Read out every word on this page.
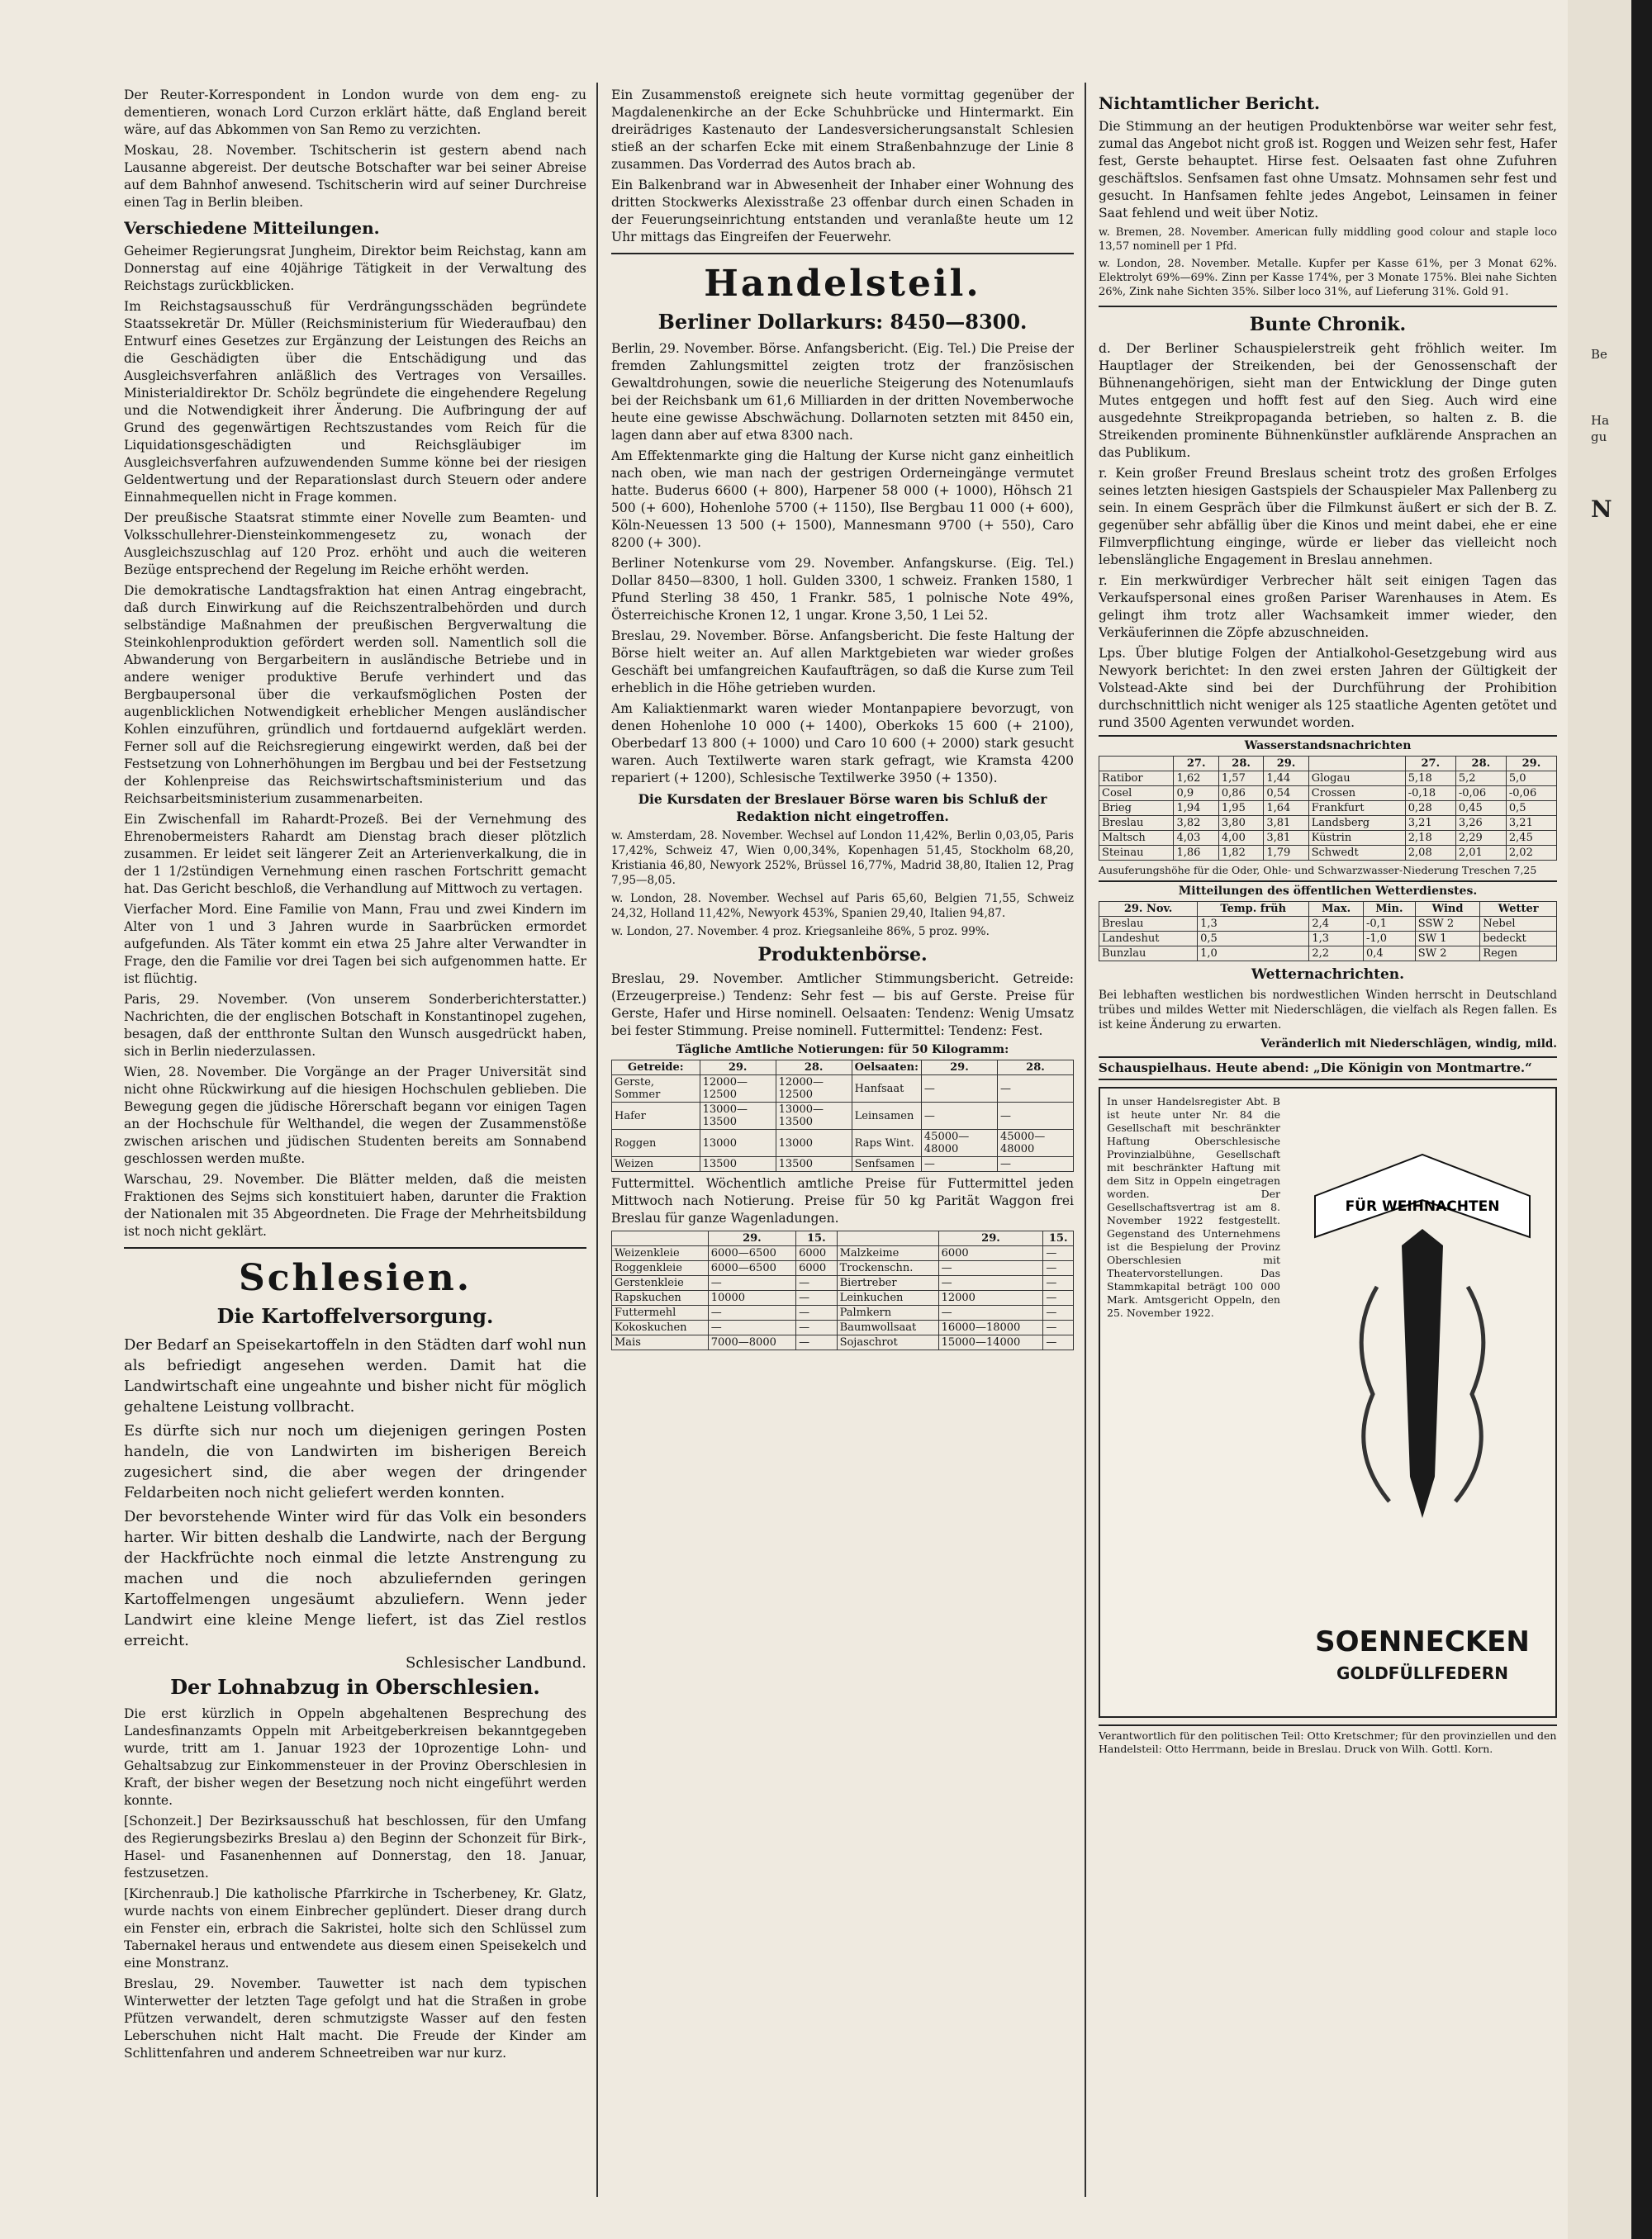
Be
Ha
gu
N

Der Reuter-Korrespondent in London wurde von dem eng- zu dementieren, wonach Lord Curzon erklärt hätte, daß England bereit wäre, auf das Abkommen von San Remo zu verzichten.

Moskau, 28. November. Tschitscherin ist gestern abend nach Lausanne abgereist. Der deutsche Botschafter war bei seiner Abreise auf dem Bahnhof anwesend. Tschitscherin wird auf seiner Durchreise einen Tag in Berlin bleiben.

Verschiedene Mitteilungen.

Geheimer Regierungsrat Jungheim, Direktor beim Reichstag, kann am Donnerstag auf eine 40jährige Tätigkeit in der Verwaltung des Reichstags zurückblicken.

Im Reichstagsausschuß für Verdrängungsschäden begründete Staatssekretär Dr. Müller (Reichsministerium für Wiederaufbau) den Entwurf eines Gesetzes zur Ergänzung der Leistungen des Reichs an die Geschädigten über die Entschädigung und das Ausgleichsverfahren anläßlich des Vertrages von Versailles. Ministerialdirektor Dr. Schölz begründete die eingehendere Regelung und die Notwendigkeit ihrer Änderung. Die Aufbringung der auf Grund des gegenwärtigen Rechtszustandes vom Reich für die Liquidationsgeschädigten und Reichsgläubiger im Ausgleichsverfahren aufzuwendenden Summe könne bei der riesigen Geldentwertung und der Reparationslast durch Steuern oder andere Einnahmequellen nicht in Frage kommen.

Der preußische Staatsrat stimmte einer Novelle zum Beamten- und Volksschullehrer-Diensteinkommengesetz zu, wonach der Ausgleichszuschlag auf 120 Proz. erhöht und auch die weiteren Bezüge entsprechend der Regelung im Reiche erhöht werden.

Die demokratische Landtagsfraktion hat einen Antrag eingebracht, daß durch Einwirkung auf die Reichszentralbehörden und durch selbständige Maßnahmen der preußischen Bergverwaltung die Steinkohlenproduktion gefördert werden soll. Namentlich soll die Abwanderung von Bergarbeitern in ausländische Betriebe und in andere weniger produktive Berufe verhindert und das Bergbaupersonal über die verkaufsmöglichen Posten der augenblicklichen Notwendigkeit erheblicher Mengen ausländischer Kohlen einzuführen, gründlich und fortdauernd aufgeklärt werden. Ferner soll auf die Reichsregierung eingewirkt werden, daß bei der Festsetzung von Lohnerhöhungen im Bergbau und bei der Festsetzung der Kohlenpreise das Reichswirtschaftsministerium und das Reichsarbeitsministerium zusammenarbeiten.

Ein Zwischenfall im Rahardt-Prozeß. Bei der Vernehmung des Ehrenobermeisters Rahardt am Dienstag brach dieser plötzlich zusammen. Er leidet seit längerer Zeit an Arterienverkalkung, die in der 1 1/2stündigen Vernehmung einen raschen Fortschritt gemacht hat. Das Gericht beschloß, die Verhandlung auf Mittwoch zu vertagen.

Vierfacher Mord. Eine Familie von Mann, Frau und zwei Kindern im Alter von 1 und 3 Jahren wurde in Saarbrücken ermordet aufgefunden. Als Täter kommt ein etwa 25 Jahre alter Verwandter in Frage, den die Familie vor drei Tagen bei sich aufgenommen hatte. Er ist flüchtig.

Paris, 29. November. (Von unserem Sonderberichterstatter.) Nachrichten, die der englischen Botschaft in Konstantinopel zugehen, besagen, daß der entthronte Sultan den Wunsch ausgedrückt haben, sich in Berlin niederzulassen.

Wien, 28. November. Die Vorgänge an der Prager Universität sind nicht ohne Rückwirkung auf die hiesigen Hochschulen geblieben. Die Bewegung gegen die jüdische Hörerschaft begann vor einigen Tagen an der Hochschule für Welthandel, die wegen der Zusammenstöße zwischen arischen und jüdischen Studenten bereits am Sonnabend geschlossen werden mußte.

Warschau, 29. November. Die Blätter melden, daß die meisten Fraktionen des Sejms sich konstituiert haben, darunter die Fraktion der Nationalen mit 35 Abgeordneten. Die Frage der Mehrheitsbildung ist noch nicht geklärt.

Schlesien.
Die Kartoffelversorgung.

Der Bedarf an Speisekartoffeln in den Städten darf wohl nun als befriedigt angesehen werden. Damit hat die Landwirtschaft eine ungeahnte und bisher nicht für möglich gehaltene Leistung vollbracht.

Es dürfte sich nur noch um diejenigen geringen Posten handeln, die von Landwirten im bisherigen Bereich zugesichert sind, die aber wegen der dringender Feldarbeiten noch nicht geliefert werden konnten.

Der bevorstehende Winter wird für das Volk ein besonders harter. Wir bitten deshalb die Landwirte, nach der Bergung der Hackfrüchte noch einmal die letzte Anstrengung zu machen und die noch abzuliefernden geringen Kartoffelmengen ungesäumt abzuliefern. Wenn jeder Landwirt eine kleine Menge liefert, ist das Ziel restlos erreicht.

Schlesischer Landbund.

Der Lohnabzug in Oberschlesien.

Die erst kürzlich in Oppeln abgehaltenen Besprechung des Landesfinanzamts Oppeln mit Arbeitgeberkreisen bekanntgegeben wurde, tritt am 1. Januar 1923 der 10prozentige Lohn- und Gehaltsabzug zur Einkommensteuer in der Provinz Oberschlesien in Kraft, der bisher wegen der Besetzung noch nicht eingeführt werden konnte.

[Schonzeit.] Der Bezirksausschuß hat beschlossen, für den Umfang des Regierungsbezirks Breslau a) den Beginn der Schonzeit für Birk-, Hasel- und Fasanenhennen auf Donnerstag, den 18. Januar, festzusetzen.

[Kirchenraub.] Die katholische Pfarrkirche in Tscherbeney, Kr. Glatz, wurde nachts von einem Einbrecher geplündert. Dieser drang durch ein Fenster ein, erbrach die Sakristei, holte sich den Schlüssel zum Tabernakel heraus und entwendete aus diesem einen Speisekelch und eine Monstranz.

Breslau, 29. November. Tauwetter ist nach dem typischen Winterwetter der letzten Tage gefolgt und hat die Straßen in grobe Pfützen verwandelt, deren schmutzigste Wasser auf den festen Leberschuhen nicht Halt macht. Die Freude der Kinder am Schlittenfahren und anderem Schneetreiben war nur kurz.

Ein Zusammenstoß ereignete sich heute vormittag gegenüber der Magdalenenkirche an der Ecke Schuhbrücke und Hintermarkt. Ein dreirädriges Kastenauto der Landesversicherungsanstalt Schlesien stieß an der scharfen Ecke mit einem Straßenbahnzuge der Linie 8 zusammen. Das Vorderrad des Autos brach ab.

Ein Balkenbrand war in Abwesenheit der Inhaber einer Wohnung des dritten Stockwerks Alexisstraße 23 offenbar durch einen Schaden in der Feuerungseinrichtung entstanden und veranlaßte heute um 12 Uhr mittags das Eingreifen der Feuerwehr.

Handelsteil.
Berliner Dollarkurs: 8450—8300.

Berlin, 29. November. Börse. Anfangsbericht. (Eig. Tel.) Die Preise der fremden Zahlungsmittel zeigten trotz der französischen Gewaltdrohungen, sowie die neuerliche Steigerung des Notenumlaufs bei der Reichsbank um 61,6 Milliarden in der dritten Novemberwoche heute eine gewisse Abschwächung. Dollarnoten setzten mit 8450 ein, lagen dann aber auf etwa 8300 nach.

Am Effektenmarkte ging die Haltung der Kurse nicht ganz einheitlich nach oben, wie man nach der gestrigen Orderneingänge vermutet hatte. Buderus 6600 (+ 800), Harpener 58 000 (+ 1000), Höhsch 21 500 (+ 600), Hohenlohe 5700 (+ 1150), Ilse Bergbau 11 000 (+ 600), Köln-Neuessen 13 500 (+ 1500), Mannesmann 9700 (+ 550), Caro 8200 (+ 300).

Berliner Notenkurse vom 29. November. Anfangskurse. (Eig. Tel.) Dollar 8450—8300, 1 holl. Gulden 3300, 1 schweiz. Franken 1580, 1 Pfund Sterling 38 450, 1 Frankr. 585, 1 polnische Note 49%, Österreichische Kronen 12, 1 ungar. Krone 3,50, 1 Lei 52.

Breslau, 29. November. Börse. Anfangsbericht. Die feste Haltung der Börse hielt weiter an. Auf allen Marktgebieten war wieder großes Geschäft bei umfangreichen Kaufaufträgen, so daß die Kurse zum Teil erheblich in die Höhe getrieben wurden.

Am Kaliaktienmarkt waren wieder Montanpapiere bevorzugt, von denen Hohenlohe 10 000 (+ 1400), Oberkoks 15 600 (+ 2100), Oberbedarf 13 800 (+ 1000) und Caro 10 600 (+ 2000) stark gesucht waren. Auch Textilwerte waren stark gefragt, wie Kramsta 4200 repariert (+ 1200), Schlesische Textilwerke 3950 (+ 1350).

Die Kursdaten der Breslauer Börse waren bis Schluß der Redaktion nicht eingetroffen.

w. Amsterdam, 28. November. Wechsel auf London 11,42%, Berlin 0,03,05, Paris 17,42%, Schweiz 47, Wien 0,00,34%, Kopenhagen 51,45, Stockholm 68,20, Kristiania 46,80, Newyork 252%, Brüssel 16,77%, Madrid 38,80, Italien 12, Prag 7,95—8,05.

w. London, 28. November. Wechsel auf Paris 65,60, Belgien 71,55, Schweiz 24,32, Holland 11,42%, Newyork 453%, Spanien 29,40, Italien 94,87.

w. London, 27. November. 4 proz. Kriegsanleihe 86%, 5 proz. 99%.

Produktenbörse.

Breslau, 29. November. Amtlicher Stimmungsbericht. Getreide: (Erzeugerpreise.) Tendenz: Sehr fest — bis auf Gerste. Preise für Gerste, Hafer und Hirse nominell. Oelsaaten: Tendenz: Wenig Umsatz bei fester Stimmung. Preise nominell. Futtermittel: Tendenz: Fest.

Tägliche Amtliche Notierungen: für 50 Kilogramm:
Getreide:	29.	28.	Oelsaaten:	29.	28.
Gerste, Sommer	12000—12500	12000—12500	Hanfsaat	—	—
Hafer	13000—13500	13000—13500	Leinsamen	—	—
Roggen	13000	13000	Raps Wint.	45000—48000	45000—48000
Weizen	13500	13500	Senfsamen	—	—

Futtermittel. Wöchentlich amtliche Preise für Futtermittel jeden Mittwoch nach Notierung. Preise für 50 kg Parität Waggon frei Breslau für ganze Wagenladungen.

	29.	15.		29.	15.
Weizenkleie	6000—6500	6000	Malzkeime	6000	—
Roggenkleie	6000—6500	6000	Trockenschn.	—	—
Gerstenkleie	—	—	Biertreber	—	—
Rapskuchen	10000	—	Leinkuchen	12000	—
Futtermehl	—	—	Palmkern	—	—
Kokoskuchen	—	—	Baumwollsaat	16000—18000	—
Mais	7000—8000	—	Sojaschrot	15000—14000	—
Nichtamtlicher Bericht.

Die Stimmung an der heutigen Produktenbörse war weiter sehr fest, zumal das Angebot nicht groß ist. Roggen und Weizen sehr fest, Hafer fest, Gerste behauptet. Hirse fest. Oelsaaten fast ohne Zufuhren geschäftslos. Senfsamen fast ohne Umsatz. Mohnsamen sehr fest und gesucht. In Hanfsamen fehlte jedes Angebot, Leinsamen in feiner Saat fehlend und weit über Notiz.

w. Bremen, 28. November. American fully middling good colour and staple loco 13,57 nominell per 1 Pfd.

w. London, 28. November. Metalle. Kupfer per Kasse 61%, per 3 Monat 62%. Elektrolyt 69%—69%. Zinn per Kasse 174%, per 3 Monate 175%. Blei nahe Sichten 26%, Zink nahe Sichten 35%. Silber loco 31%, auf Lieferung 31%. Gold 91.

Bunte Chronik.

d. Der Berliner Schauspielerstreik geht fröhlich weiter. Im Hauptlager der Streikenden, bei der Genossenschaft der Bühnenangehörigen, sieht man der Entwicklung der Dinge guten Mutes entgegen und hofft fest auf den Sieg. Auch wird eine ausgedehnte Streikpropaganda betrieben, so halten z. B. die Streikenden prominente Bühnenkünstler aufklärende Ansprachen an das Publikum.

r. Kein großer Freund Breslaus scheint trotz des großen Erfolges seines letzten hiesigen Gastspiels der Schauspieler Max Pallenberg zu sein. In einem Gespräch über die Filmkunst äußert er sich der B. Z. gegenüber sehr abfällig über die Kinos und meint dabei, ehe er eine Filmverpflichtung einginge, würde er lieber das vielleicht noch lebenslängliche Engagement in Breslau annehmen.

r. Ein merkwürdiger Verbrecher hält seit einigen Tagen das Verkaufspersonal eines großen Pariser Warenhauses in Atem. Es gelingt ihm trotz aller Wachsamkeit immer wieder, den Verkäuferinnen die Zöpfe abzuschneiden.

Lps. Über blutige Folgen der Antialkohol-Gesetzgebung wird aus Newyork berichtet: In den zwei ersten Jahren der Gültigkeit der Volstead-Akte sind bei der Durchführung der Prohibition durchschnittlich nicht weniger als 125 staatliche Agenten getötet und rund 3500 Agenten verwundet worden.

Wasserstandsnachrichten
	27.	28.	29.		27.	28.	29.
Ratibor	1,62	1,57	1,44	Glogau	5,18	5,2	5,0
Cosel	0,9	0,86	0,54	Crossen	-0,18	-0,06	-0,06
Brieg	1,94	1,95	1,64	Frankfurt	0,28	0,45	0,5
Breslau	3,82	3,80	3,81	Landsberg	3,21	3,26	3,21
Maltsch	4,03	4,00	3,81	Küstrin	2,18	2,29	2,45
Steinau	1,86	1,82	1,79	Schwedt	2,08	2,01	2,02

Ausuferungshöhe für die Oder, Ohle- und Schwarzwasser-Niederung Treschen 7,25

Mitteilungen des öffentlichen Wetterdienstes.
29. Nov.	Temp. früh	Max.	Min.	Wind	Wetter
Breslau	1,3	2,4	-0,1	SSW 2	Nebel
Landeshut	0,5	1,3	-1,0	SW 1	bedeckt
Bunzlau	1,0	2,2	0,4	SW 2	Regen
Wetternachrichten.

Bei lebhaften westlichen bis nordwestlichen Winden herrscht in Deutschland trübes und mildes Wetter mit Niederschlägen, die vielfach als Regen fallen. Es ist keine Änderung zu erwarten.

Veränderlich mit Niederschlägen, windig, mild.

Schauspielhaus. Heute abend: „Die Königin von Montmartre.“

In unser Handelsregister Abt. B ist heute unter Nr. 84 die Gesellschaft mit beschränkter Haftung Oberschlesische Provinzialbühne, Gesellschaft mit beschränkter Haftung mit dem Sitz in Oppeln eingetragen worden. Der Gesellschaftsvertrag ist am 8. November 1922 festgestellt. Gegenstand des Unternehmens ist die Bespielung der Provinz Oberschlesien mit Theatervorstellungen. Das Stammkapital beträgt 100 000 Mark. Amtsgericht Oppeln, den 25. November 1922.
FÜR WEIHNACHTEN
SOENNECKEN
GOLDFÜLLFEDERN
Verantwortlich für den politischen Teil: Otto Kretschmer; für den provinziellen und den Handelsteil: Otto Herrmann, beide in Breslau. Druck von Wilh. Gottl. Korn.
